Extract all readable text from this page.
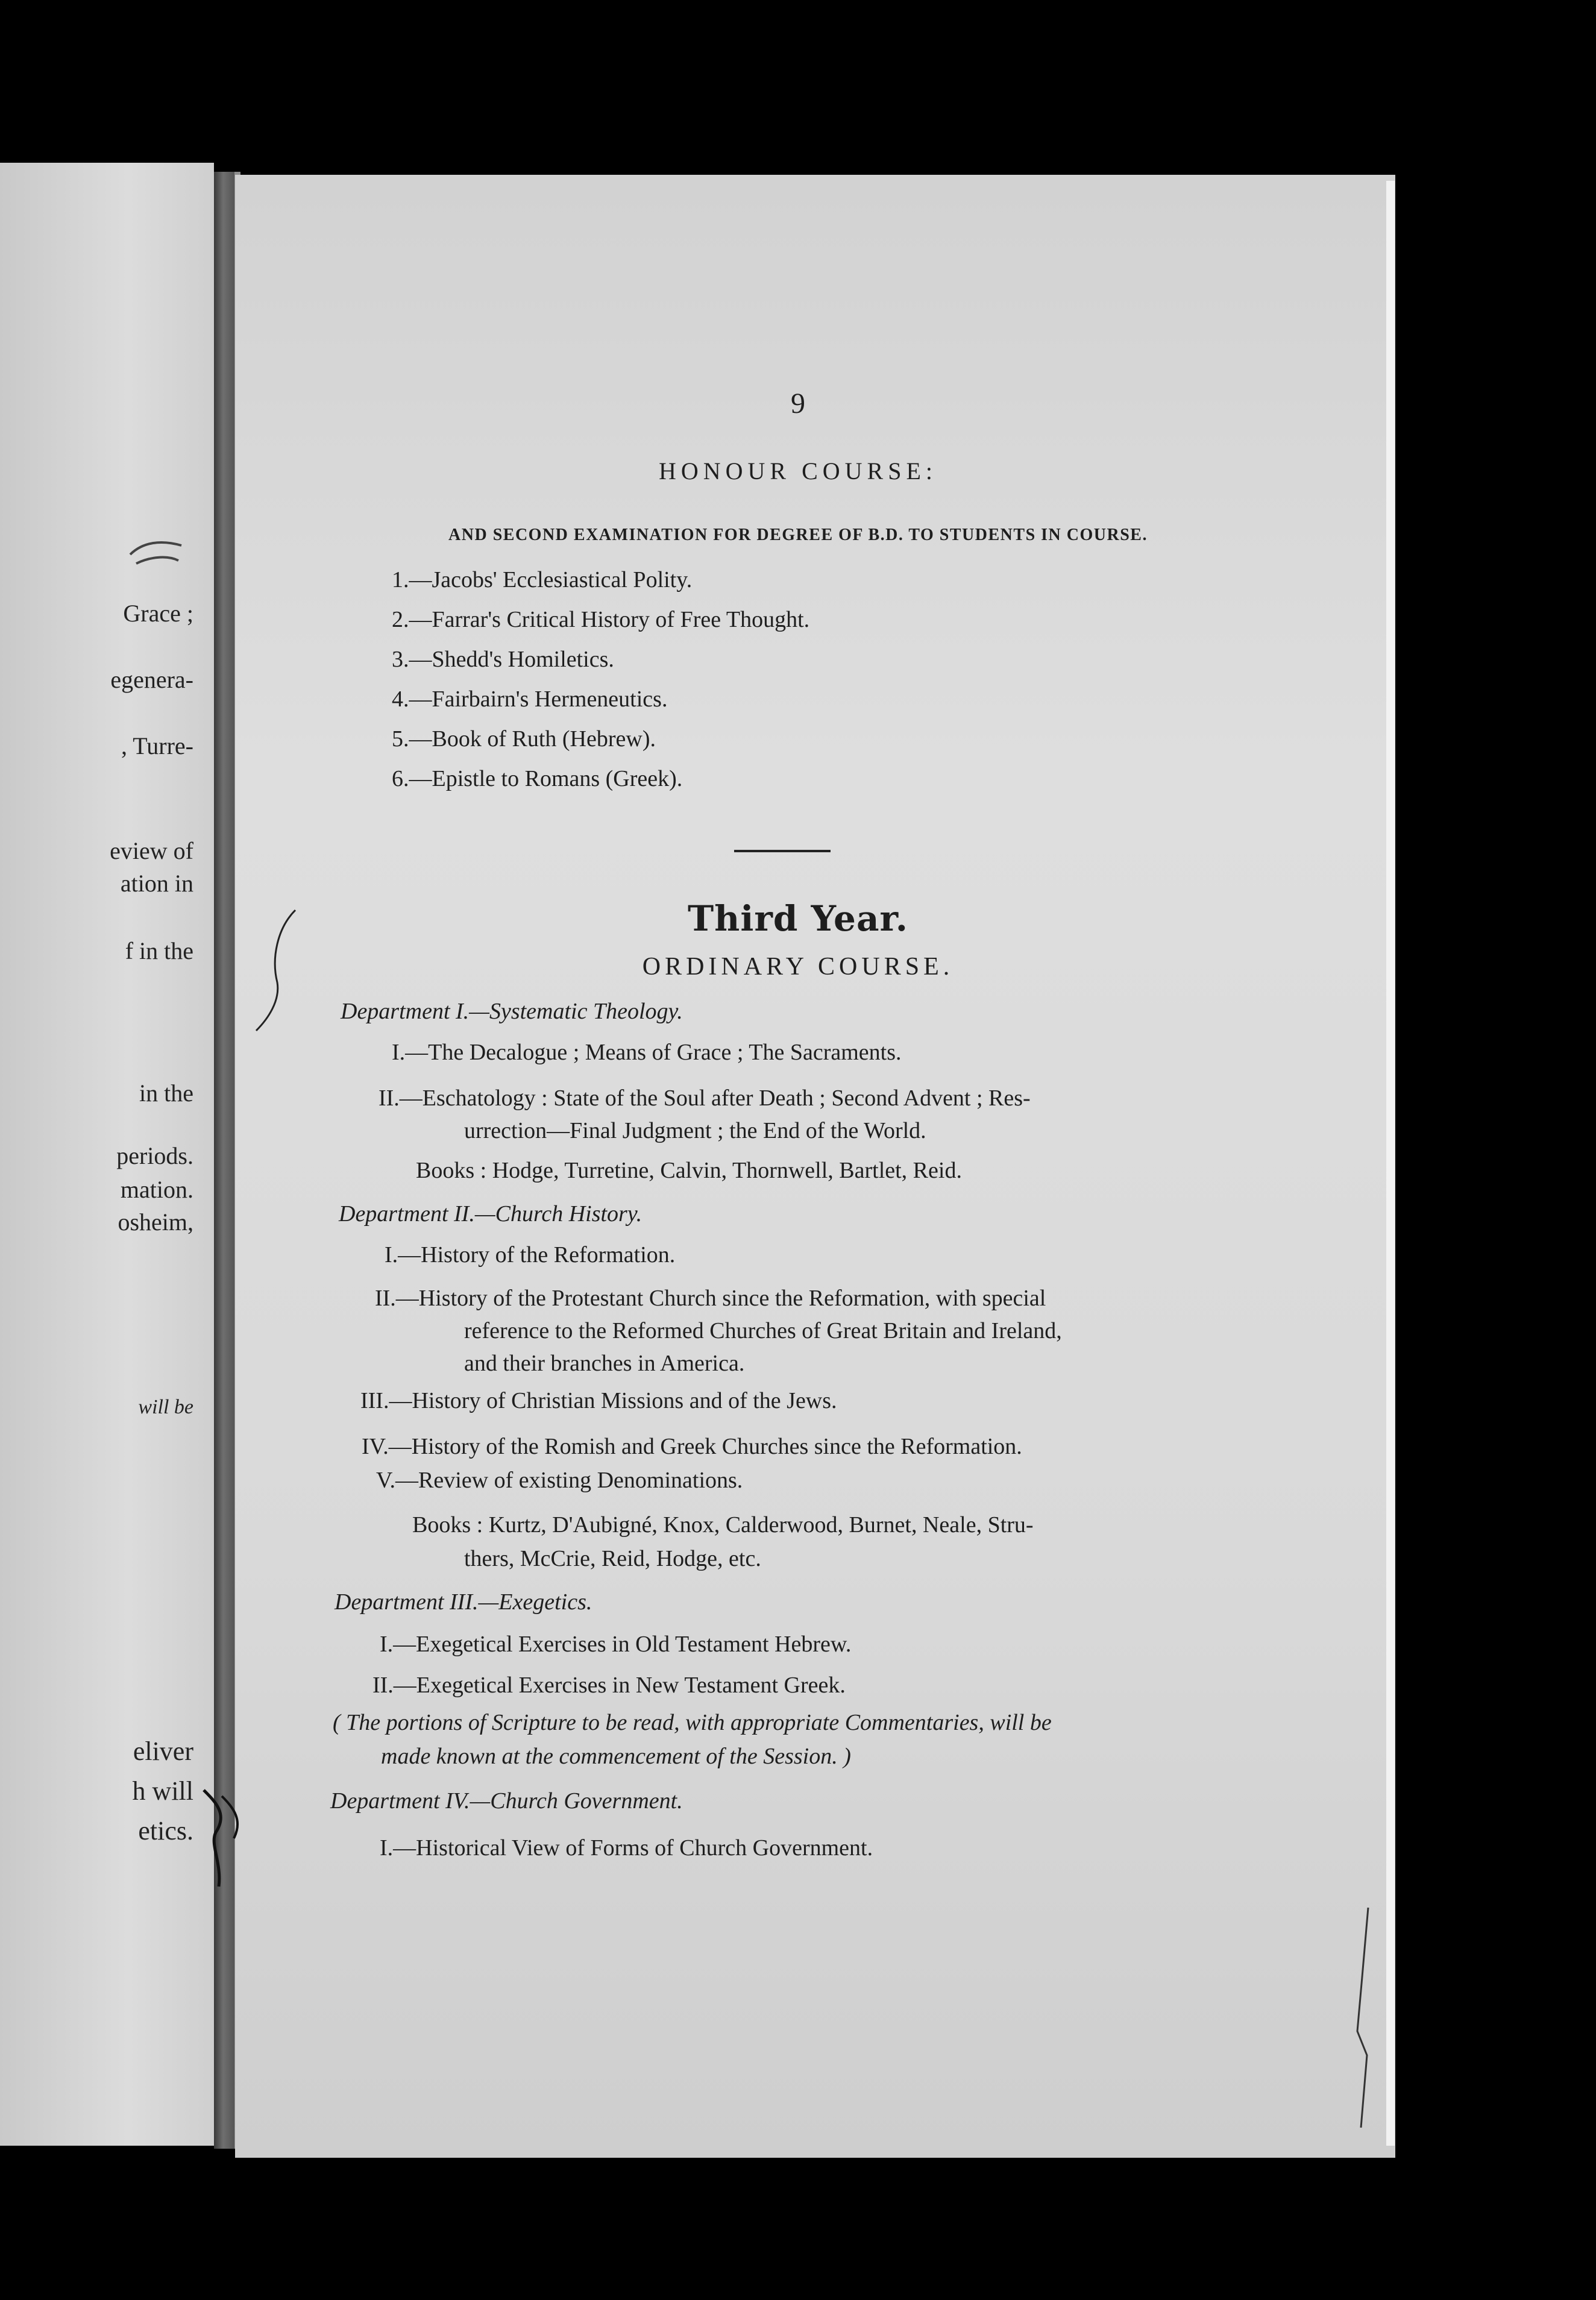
Grace ;
egenera-
, Turre-
eview of
ation in
f in the
in the
periods.
mation.
osheim,
will be
eliver
h will
etics.
9
HONOUR COURSE:
AND SECOND EXAMINATION FOR DEGREE OF B.D. TO STUDENTS IN COURSE.
1.—Jacobs' Ecclesiastical Polity.
2.—Farrar's Critical History of Free Thought.
3.—Shedd's Homiletics.
4.—Fairbairn's Hermeneutics.
5.—Book of Ruth (Hebrew).
6.—Epistle to Romans (Greek).
Third Year.
ORDINARY COURSE.
Department I.—Systematic Theology.
I.—The Decalogue ; Means of Grace ; The Sacraments.
II.—Eschatology : State of the Soul after Death ; Second Advent ; Res-
urrection—Final Judgment ; the End of the World.
Books : Hodge, Turretine, Calvin, Thornwell, Bartlet, Reid.
Department II.—Church History.
I.—History of the Reformation.
II.—History of the Protestant Church since the Reformation, with special
reference to the Reformed Churches of Great Britain and Ireland,
and their branches in America.
III.—History of Christian Missions and of the Jews.
IV.—History of the Romish and Greek Churches since the Reformation.
V.—Review of existing Denominations.
Books : Kurtz, D'Aubigné, Knox, Calderwood, Burnet, Neale, Stru-
thers, McCrie, Reid, Hodge, etc.
Department III.—Exegetics.
I.—Exegetical Exercises in Old Testament Hebrew.
II.—Exegetical Exercises in New Testament Greek.
( The portions of Scripture to be read, with appropriate Commentaries, will be
made known at the commencement of the Session. )
Department IV.—Church Government.
I.—Historical View of Forms of Church Government.
